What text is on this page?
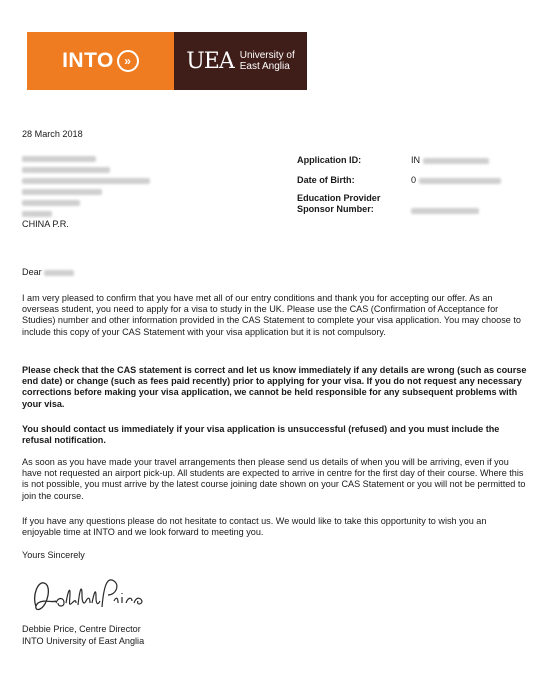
INTO »	UEA University of
East Anglia
28 March 2018
CHINA P.R.
Application ID:	IN
Date of Birth:	0
Education Provider
Sponsor Number:
Dear
I am very pleased to confirm that you have met all of our entry conditions and thank you for accepting our offer. As an overseas student, you need to apply for a visa to study in the UK. Please use the CAS (Confirmation of Acceptance for Studies) number and other information provided in the CAS Statement to complete your visa application. You may choose to include this copy of your CAS Statement with your visa application but it is not compulsory.
Please check that the CAS statement is correct and let us know immediately if any details are wrong (such as course end date) or change (such as fees paid recently) prior to applying for your visa. If you do not request any necessary corrections before making your visa application, we cannot be held responsible for any subsequent problems with your visa.
You should contact us immediately if your visa application is unsuccessful (refused) and you must include the refusal notification.
As soon as you have made your travel arrangements then please send us details of when you will be arriving, even if you have not requested an airport pick-up. All students are expected to arrive in centre for the first day of their course. Where this is not possible, you must arrive by the latest course joining date shown on your CAS Statement or you will not be permitted to join the course.
If you have any questions please do not hesitate to contact us. We would like to take this opportunity to wish you an enjoyable time at INTO and we look forward to meeting you.
Yours Sincerely
Debbie Price, Centre Director
INTO University of East Anglia
